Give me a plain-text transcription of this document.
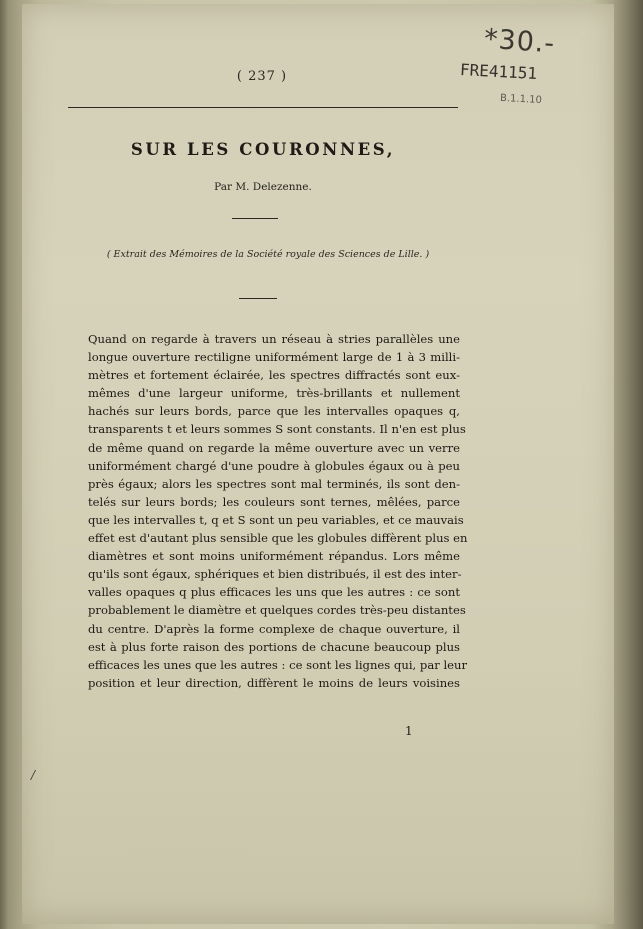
( 237 )
*30.-
FRE41151
B.1.1.10
SUR LES COURONNES,
Par M. Delezenne.
( Extrait des Mémoires de la Société royale des Sciences de Lille. )
Quand on regarde à travers un réseau à stries parallèles une
longue ouverture rectiligne uniformément large de 1 à 3 milli-
mètres et fortement éclairée, les spectres diffractés sont eux-
mêmes d'une largeur uniforme, très-brillants et nullement
hachés sur leurs bords, parce que les intervalles opaques q,
transparents t et leurs sommes S sont constants. Il n'en est plus
de même quand on regarde la même ouverture avec un verre
uniformément chargé d'une poudre à globules égaux ou à peu
près égaux; alors les spectres sont mal terminés, ils sont den-
telés sur leurs bords; les couleurs sont ternes, mêlées, parce
que les intervalles t, q et S sont un peu variables, et ce mauvais
effet est d'autant plus sensible que les globules diffèrent plus en
diamètres et sont moins uniformément répandus. Lors même
qu'ils sont égaux, sphériques et bien distribués, il est des inter-
valles opaques q plus efficaces les uns que les autres : ce sont
probablement le diamètre et quelques cordes très-peu distantes
du centre. D'après la forme complexe de chaque ouverture, il
est à plus forte raison des portions de chacune beaucoup plus
efficaces les unes que les autres : ce sont les lignes qui, par leur
position et leur direction, diffèrent le moins de leurs voisines
1
/
